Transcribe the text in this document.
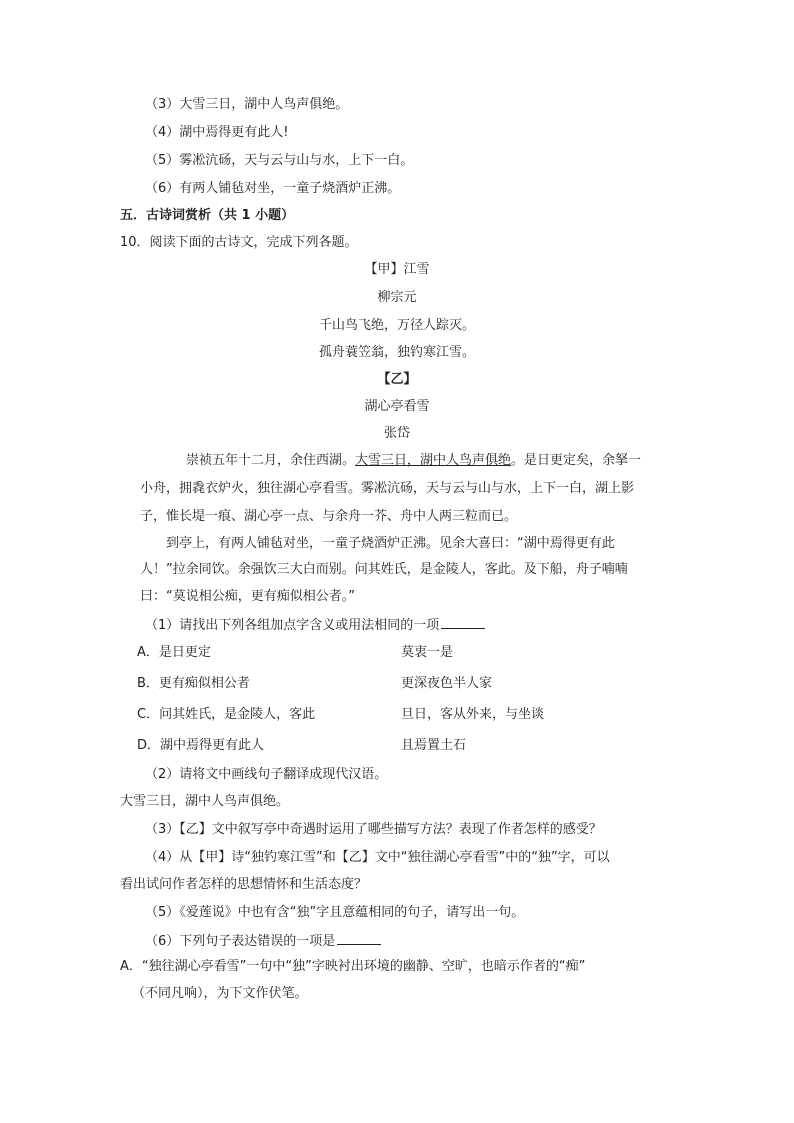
（3）大雪三日，湖中人鸟声俱绝。
（4）湖中焉得更有此人!
（5）雾凇沆砀，天与云与山与水，上下一白。
（6）有两人铺毡对坐，一童子烧酒炉正沸。
五．古诗词赏析（共 1 小题）
10．阅读下面的古诗文，完成下列各题。
【甲】江雪
柳宗元
千山鸟飞绝，万径人踪灭。
孤舟蓑笠翁，独钓寒江雪。
【乙】
湖心亭看雪
张岱
崇祯五年十二月，余住西湖。大雪三日，湖中人鸟声俱绝。是日更定矣，余拏一
小舟，拥毳衣炉火，独往湖心亭看雪。雾凇沆砀，天与云与山与水，上下一白，湖上影
子，惟长堤一痕、湖心亭一点、与余舟一芥、舟中人两三粒而已。
到亭上，有两人铺毡对坐，一童子烧酒炉正沸。见余大喜曰：“湖中焉得更有此
人！”拉余同饮。余强饮三大白而别。问其姓氏，是金陵人，客此。及下船，舟子喃喃
曰：“莫说相公痴，更有痴似相公者。”
（1）请找出下列各组加点字含义或用法相同的一项
A．是日更定	莫衷一是
B．更有痴似相公者	更深夜色半人家
C．问其姓氏，是金陵人，客此	旦日，客从外来，与坐谈
D．湖中焉得更有此人	且焉置土石
（2）请将文中画线句子翻译成现代汉语。
大雪三日，湖中人鸟声俱绝。
（3）【乙】文中叙写亭中奇遇时运用了哪些描写方法？表现了作者怎样的感受？
（4）从【甲】诗“独钓寒江雪”和【乙】文中“独往湖心亭看雪”中的“独”字，可以
看出试问作者怎样的思想情怀和生活态度？
（5）《爱莲说》中也有含“独”字且意蕴相同的句子，请写出一句。
（6）下列句子表达错误的一项是
A．“独往湖心亭看雪”一句中“独”字映衬出环境的幽静、空旷，也暗示作者的“痴”
（不同凡响），为下文作伏笔。
